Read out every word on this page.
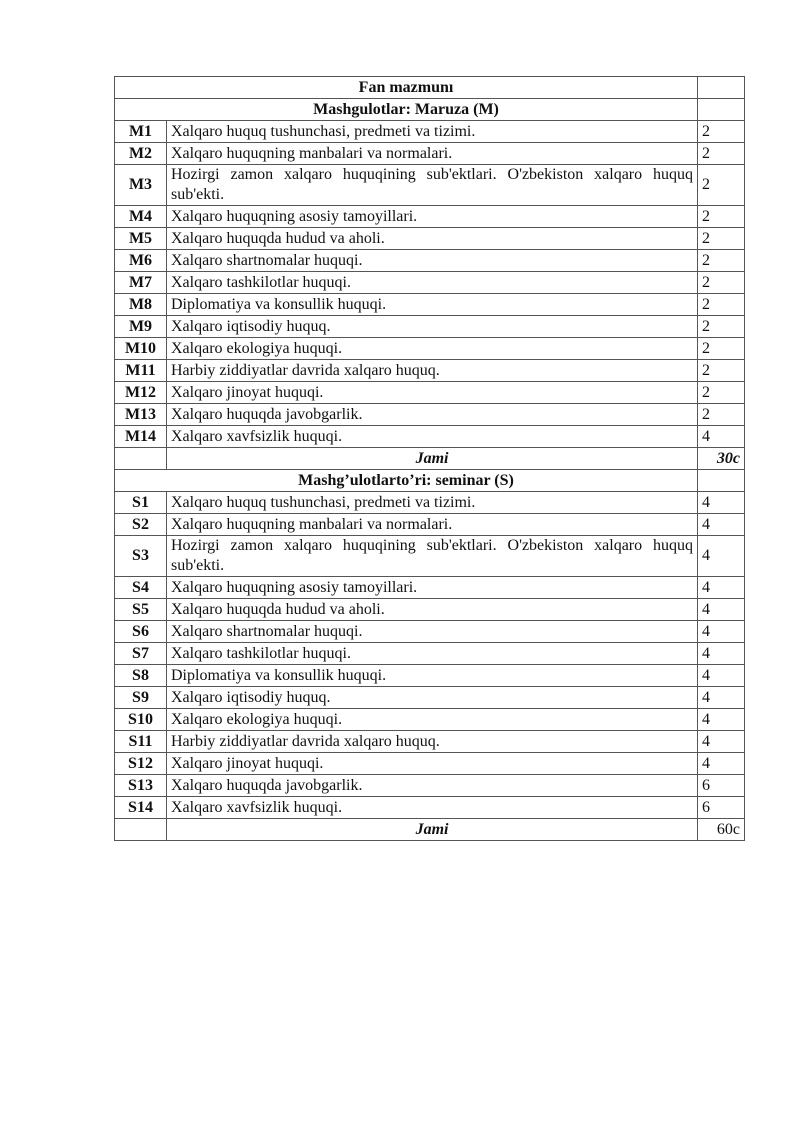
Fan mazmunı		
Mashgulotlar: Maruza (M)		
M1	Xalqaro huquq tushunchasi, predmeti va tizimi.	2
M2	Xalqaro huquqning manbalari va normalari.	2
M3	Hozirgi zamon xalqaro huquqining sub'ektlari. O'zbekiston xalqaro huquq sub'ekti.	2
M4	Xalqaro huquqning asosiy tamoyillari.	2
M5	Xalqaro huquqda hudud va aholi.	2
M6	Xalqaro shartnomalar huquqi.	2
M7	Xalqaro tashkilotlar huquqi.	2
M8	Diplomatiya va konsullik huquqi.	2
M9	Xalqaro iqtisodiy huquq.	2
M10	Xalqaro ekologiya huquqi.	2
M11	Harbiy ziddiyatlar davrida xalqaro huquq.	2
M12	Xalqaro jinoyat huquqi.	2
M13	Xalqaro huquqda javobgarlik.	2
M14	Xalqaro xavfsizlik huquqi.	4
	Jami	30c
Mashg’ulotlarto’ri: seminar (S)		
S1	Xalqaro huquq tushunchasi, predmeti va tizimi.	4
S2	Xalqaro huquqning manbalari va normalari.	4
S3	Hozirgi zamon xalqaro huquqining sub'ektlari. O'zbekiston xalqaro huquq sub'ekti.	4
S4	Xalqaro huquqning asosiy tamoyillari.	4
S5	Xalqaro huquqda hudud va aholi.	4
S6	Xalqaro shartnomalar huquqi.	4
S7	Xalqaro tashkilotlar huquqi.	4
S8	Diplomatiya va konsullik huquqi.	4
S9	Xalqaro iqtisodiy huquq.	4
S10	Xalqaro ekologiya huquqi.	4
S11	Harbiy ziddiyatlar davrida xalqaro huquq.	4
S12	Xalqaro jinoyat huquqi.	4
S13	Xalqaro huquqda javobgarlik.	6
S14	Xalqaro xavfsizlik huquqi.	6
	Jami	60c
